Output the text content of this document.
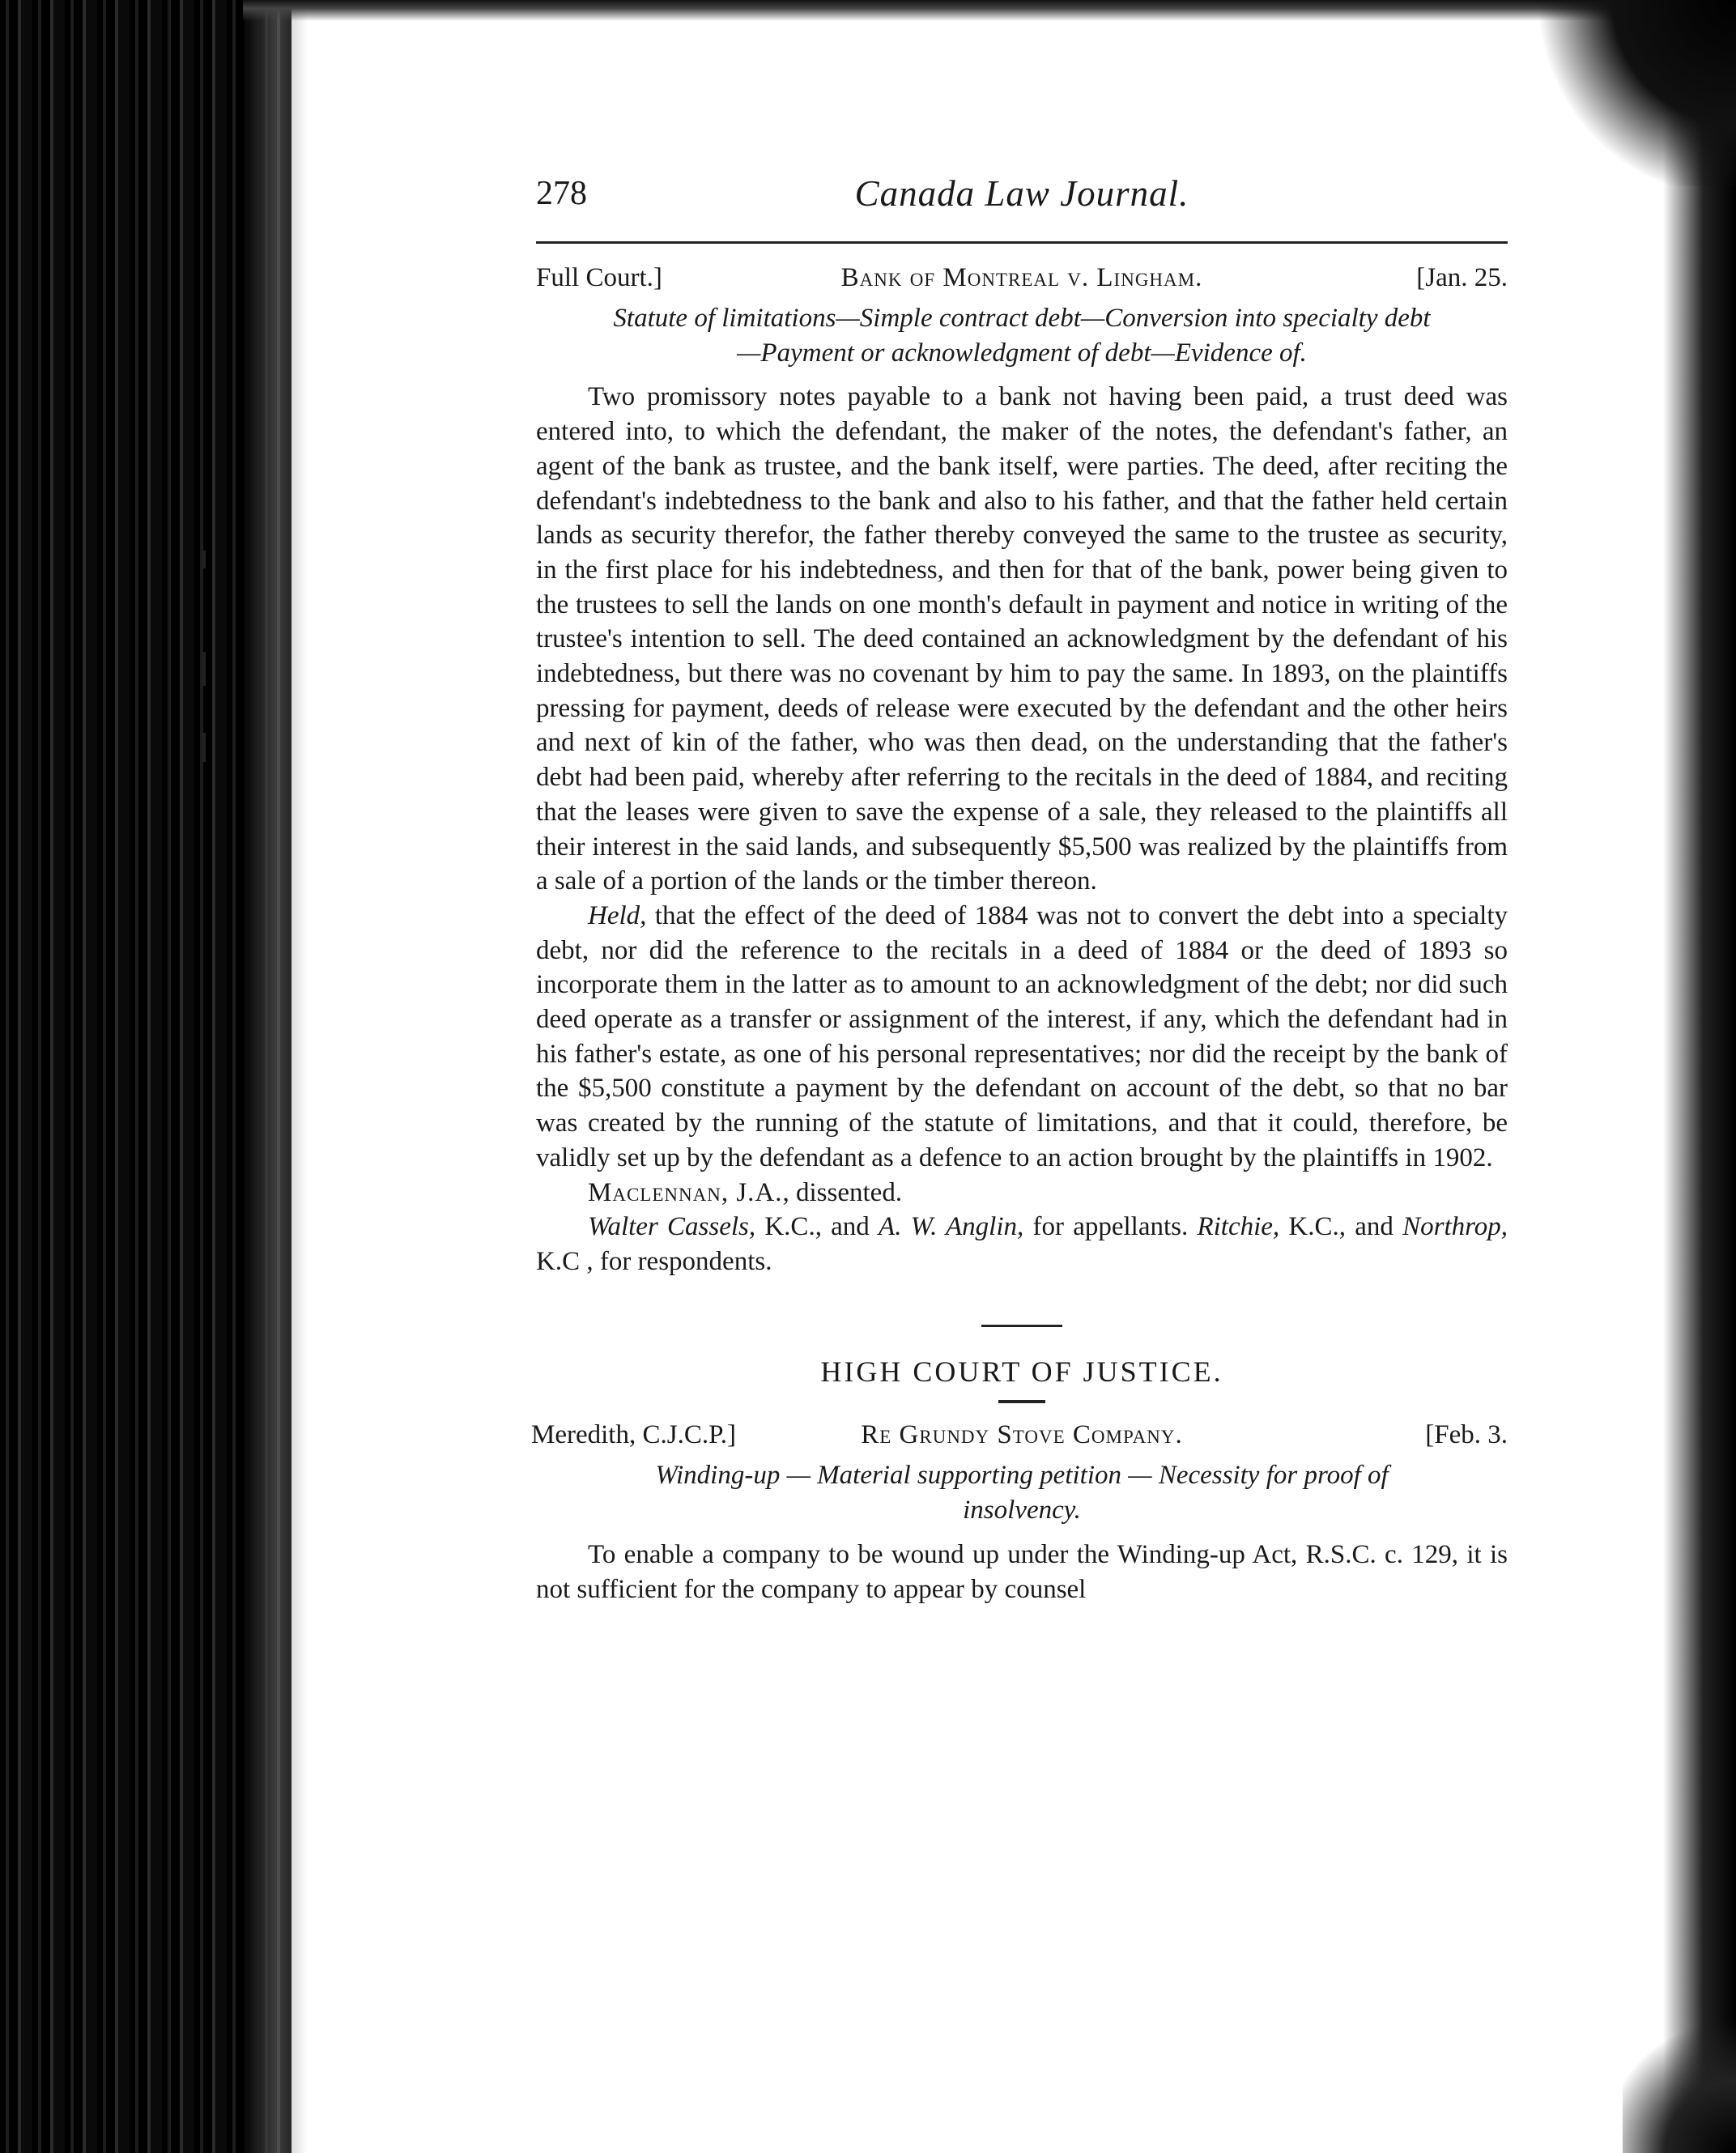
278	Canada Law Journal.
Full Court.]	Bank of Montreal v. Lingham.	[Jan. 25.
Statute of limitations—Simple contract debt—Conversion into specialty debt
—Payment or acknowledgment of debt—Evidence of.

Two promissory notes payable to a bank not having been paid, a trust deed was entered into, to which the defendant, the maker of the notes, the defendant's father, an agent of the bank as trustee, and the bank itself, were parties. The deed, after reciting the defendant's indebtedness to the bank and also to his father, and that the father held certain lands as security therefor, the father thereby conveyed the same to the trustee as security, in the first place for his indebtedness, and then for that of the bank, power being given to the trustees to sell the lands on one month's default in payment and notice in writing of the trustee's intention to sell. The deed contained an acknowledgment by the defendant of his indebtedness, but there was no covenant by him to pay the same. In 1893, on the plaintiffs pressing for payment, deeds of release were executed by the defendant and the other heirs and next of kin of the father, who was then dead, on the understanding that the father's debt had been paid, whereby after referring to the recitals in the deed of 1884, and reciting that the leases were given to save the expense of a sale, they released to the plaintiffs all their interest in the said lands, and subsequently $5,500 was realized by the plaintiffs from a sale of a portion of the lands or the timber thereon.

Held, that the effect of the deed of 1884 was not to convert the debt into a specialty debt, nor did the reference to the recitals in a deed of 1884 or the deed of 1893 so incorporate them in the latter as to amount to an acknowledgment of the debt; nor did such deed operate as a transfer or assignment of the interest, if any, which the defendant had in his father's estate, as one of his personal representatives; nor did the receipt by the bank of the $5,500 constitute a payment by the defendant on account of the debt, so that no bar was created by the running of the statute of limitations, and that it could, therefore, be validly set up by the defendant as a defence to an action brought by the plaintiffs in 1902.

Maclennan, J.A., dissented.

Walter Cassels, K.C., and A. W. Anglin, for appellants. Ritchie, K.C., and Northrop, K.C , for respondents.

HIGH COURT OF JUSTICE.
Meredith, C.J.C.P.]	Re Grundy Stove Company.	[Feb. 3.
Winding-up — Material supporting petition — Necessity for proof of
insolvency.

To enable a company to be wound up under the Winding-up Act, R.S.C. c. 129, it is not sufficient for the company to appear by counsel
